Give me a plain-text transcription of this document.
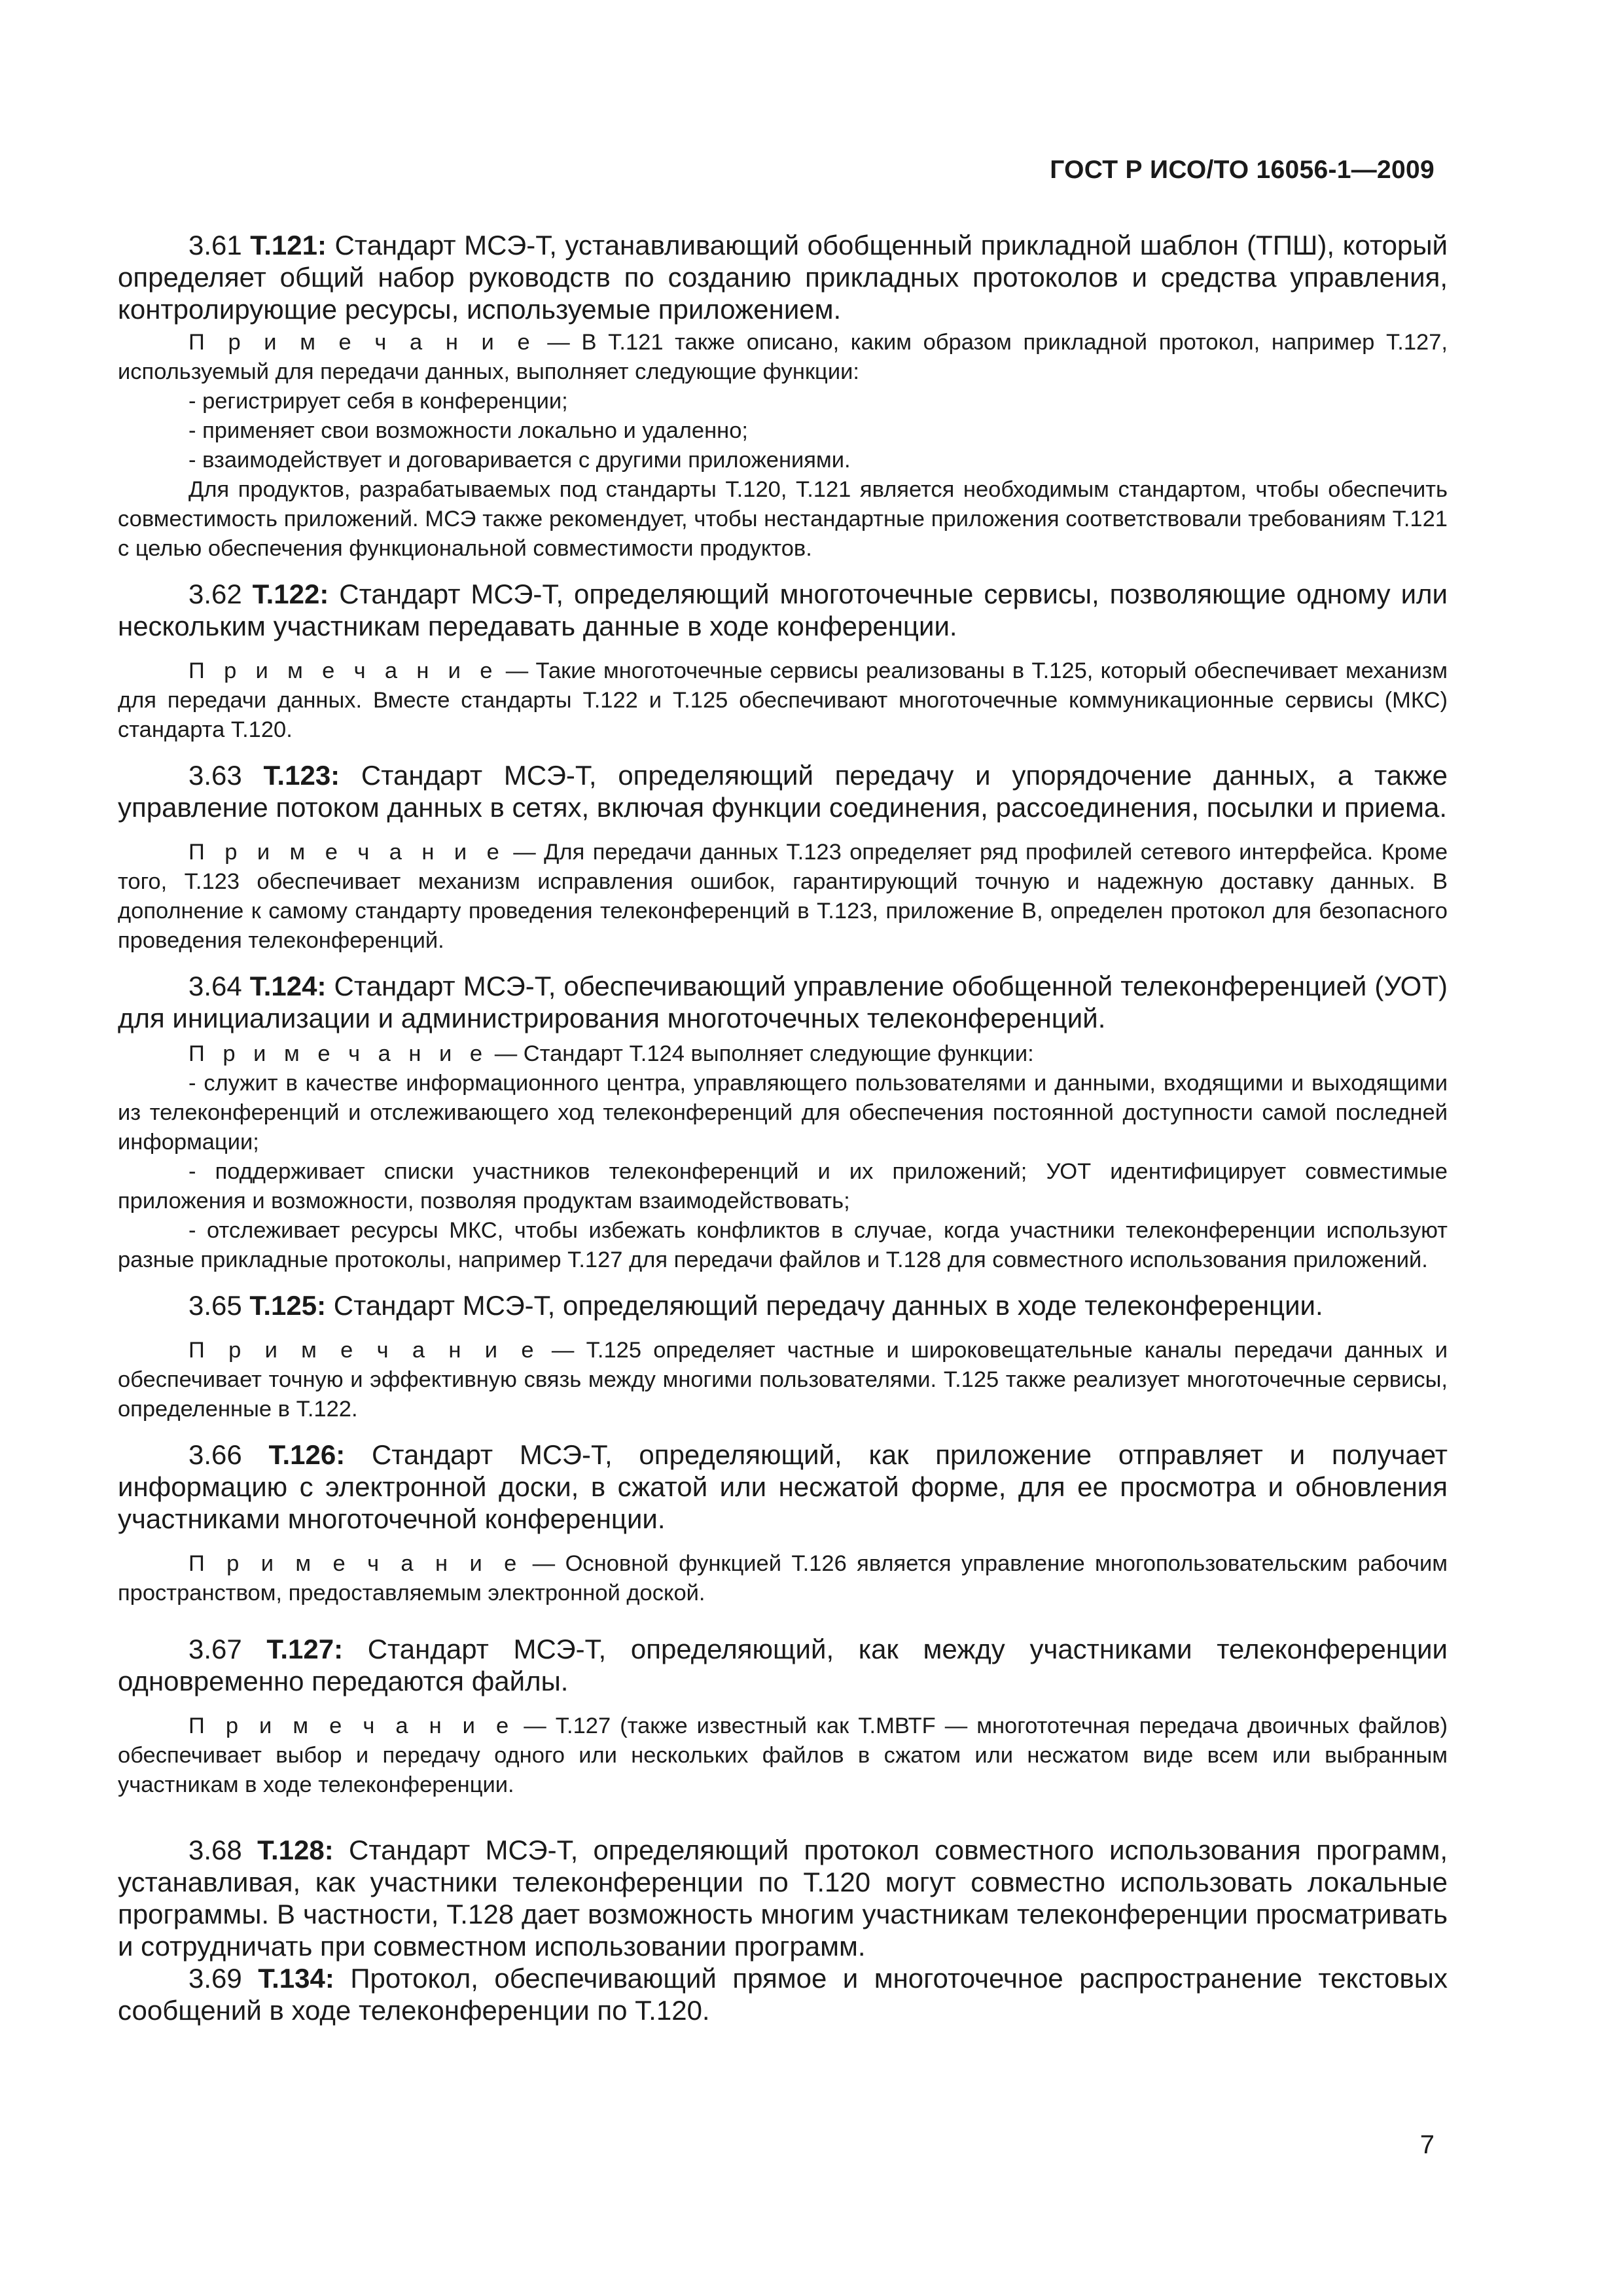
ГОСТ Р ИСО/ТО 16056-1—2009

3.61 Т.121: Стандарт МСЭ-Т, устанавливающий обобщенный прикладной шаблон (ТПШ), который определяет общий набор руководств по созданию прикладных протоколов и средства управления, контролирующие ресурсы, используемые приложением.

П р и м е ч а н и е — В Т.121 также описано, каким образом прикладной протокол, например Т.127, используемый для передачи данных, выполняет следующие функции:

- регистрирует себя в конференции;

- применяет свои возможности локально и удаленно;

- взаимодействует и договаривается с другими приложениями.

Для продуктов, разрабатываемых под стандарты Т.120, Т.121 является необходимым стандартом, чтобы обеспечить совместимость приложений. МСЭ также рекомендует, чтобы нестандартные приложения соответствовали требованиям Т.121 с целью обеспечения функциональной совместимости продуктов.

3.62 Т.122: Стандарт МСЭ-Т, определяющий многоточечные сервисы, позволяющие одному или нескольким участникам передавать данные в ходе конференции.

П р и м е ч а н и е — Такие многоточечные сервисы реализованы в Т.125, который обеспечивает механизм для передачи данных. Вместе стандарты Т.122 и Т.125 обеспечивают многоточечные коммуникационные сервисы (МКС) стандарта Т.120.

3.63 Т.123: Стандарт МСЭ-Т, определяющий передачу и упорядочение данных, а также управление потоком данных в сетях, включая функции соединения, рассоединения, посылки и приема.

П р и м е ч а н и е — Для передачи данных Т.123 определяет ряд профилей сетевого интерфейса. Кроме того, Т.123 обеспечивает механизм исправления ошибок, гарантирующий точную и надежную доставку данных. В дополнение к самому стандарту проведения телеконференций в Т.123, приложение В, определен протокол для безопасного проведения телеконференций.

3.64 Т.124: Стандарт МСЭ-Т, обеспечивающий управление обобщенной телеконференцией (УОТ) для инициализации и администрирования многоточечных телеконференций.

П р и м е ч а н и е — Стандарт Т.124 выполняет следующие функции:

- служит в качестве информационного центра, управляющего пользователями и данными, входящими и выходящими из телеконференций и отслеживающего ход телеконференций для обеспечения постоянной доступности самой последней информации;

- поддерживает списки участников телеконференций и их приложений; УОТ идентифицирует совместимые приложения и возможности, позволяя продуктам взаимодействовать;

- отслеживает ресурсы МКС, чтобы избежать конфликтов в случае, когда участники телеконференции используют разные прикладные протоколы, например Т.127 для передачи файлов и Т.128 для совместного использования приложений.

3.65 Т.125: Стандарт МСЭ-Т, определяющий передачу данных в ходе телеконференции.

П р и м е ч а н и е — Т.125 определяет частные и широковещательные каналы передачи данных и обеспечивает точную и эффективную связь между многими пользователями. Т.125 также реализует многоточечные сервисы, определенные в Т.122.

3.66 Т.126: Стандарт МСЭ-Т, определяющий, как приложение отправляет и получает информацию с электронной доски, в сжатой или несжатой форме, для ее просмотра и обновления участниками многоточечной конференции.

П р и м е ч а н и е — Основной функцией Т.126 является управление многопользовательским рабочим пространством, предоставляемым электронной доской.

3.67 Т.127: Стандарт МСЭ-Т, определяющий, как между участниками телеконференции одновременно передаются файлы.

П р и м е ч а н и е — Т.127 (также известный как Т.МВТF — многототечная передача двоичных файлов) обеспечивает выбор и передачу одного или нескольких файлов в сжатом или несжатом виде всем или выбранным участникам в ходе телеконференции.

3.68 Т.128: Стандарт МСЭ-Т, определяющий протокол совместного использования программ, устанавливая, как участники телеконференции по Т.120 могут совместно использовать локальные программы. В частности, Т.128 дает возможность многим участникам телеконференции просматривать и сотрудничать при совместном использовании программ.

3.69 Т.134: Протокол, обеспечивающий прямое и многоточечное распространение текстовых сообщений в ходе телеконференции по Т.120.

7
